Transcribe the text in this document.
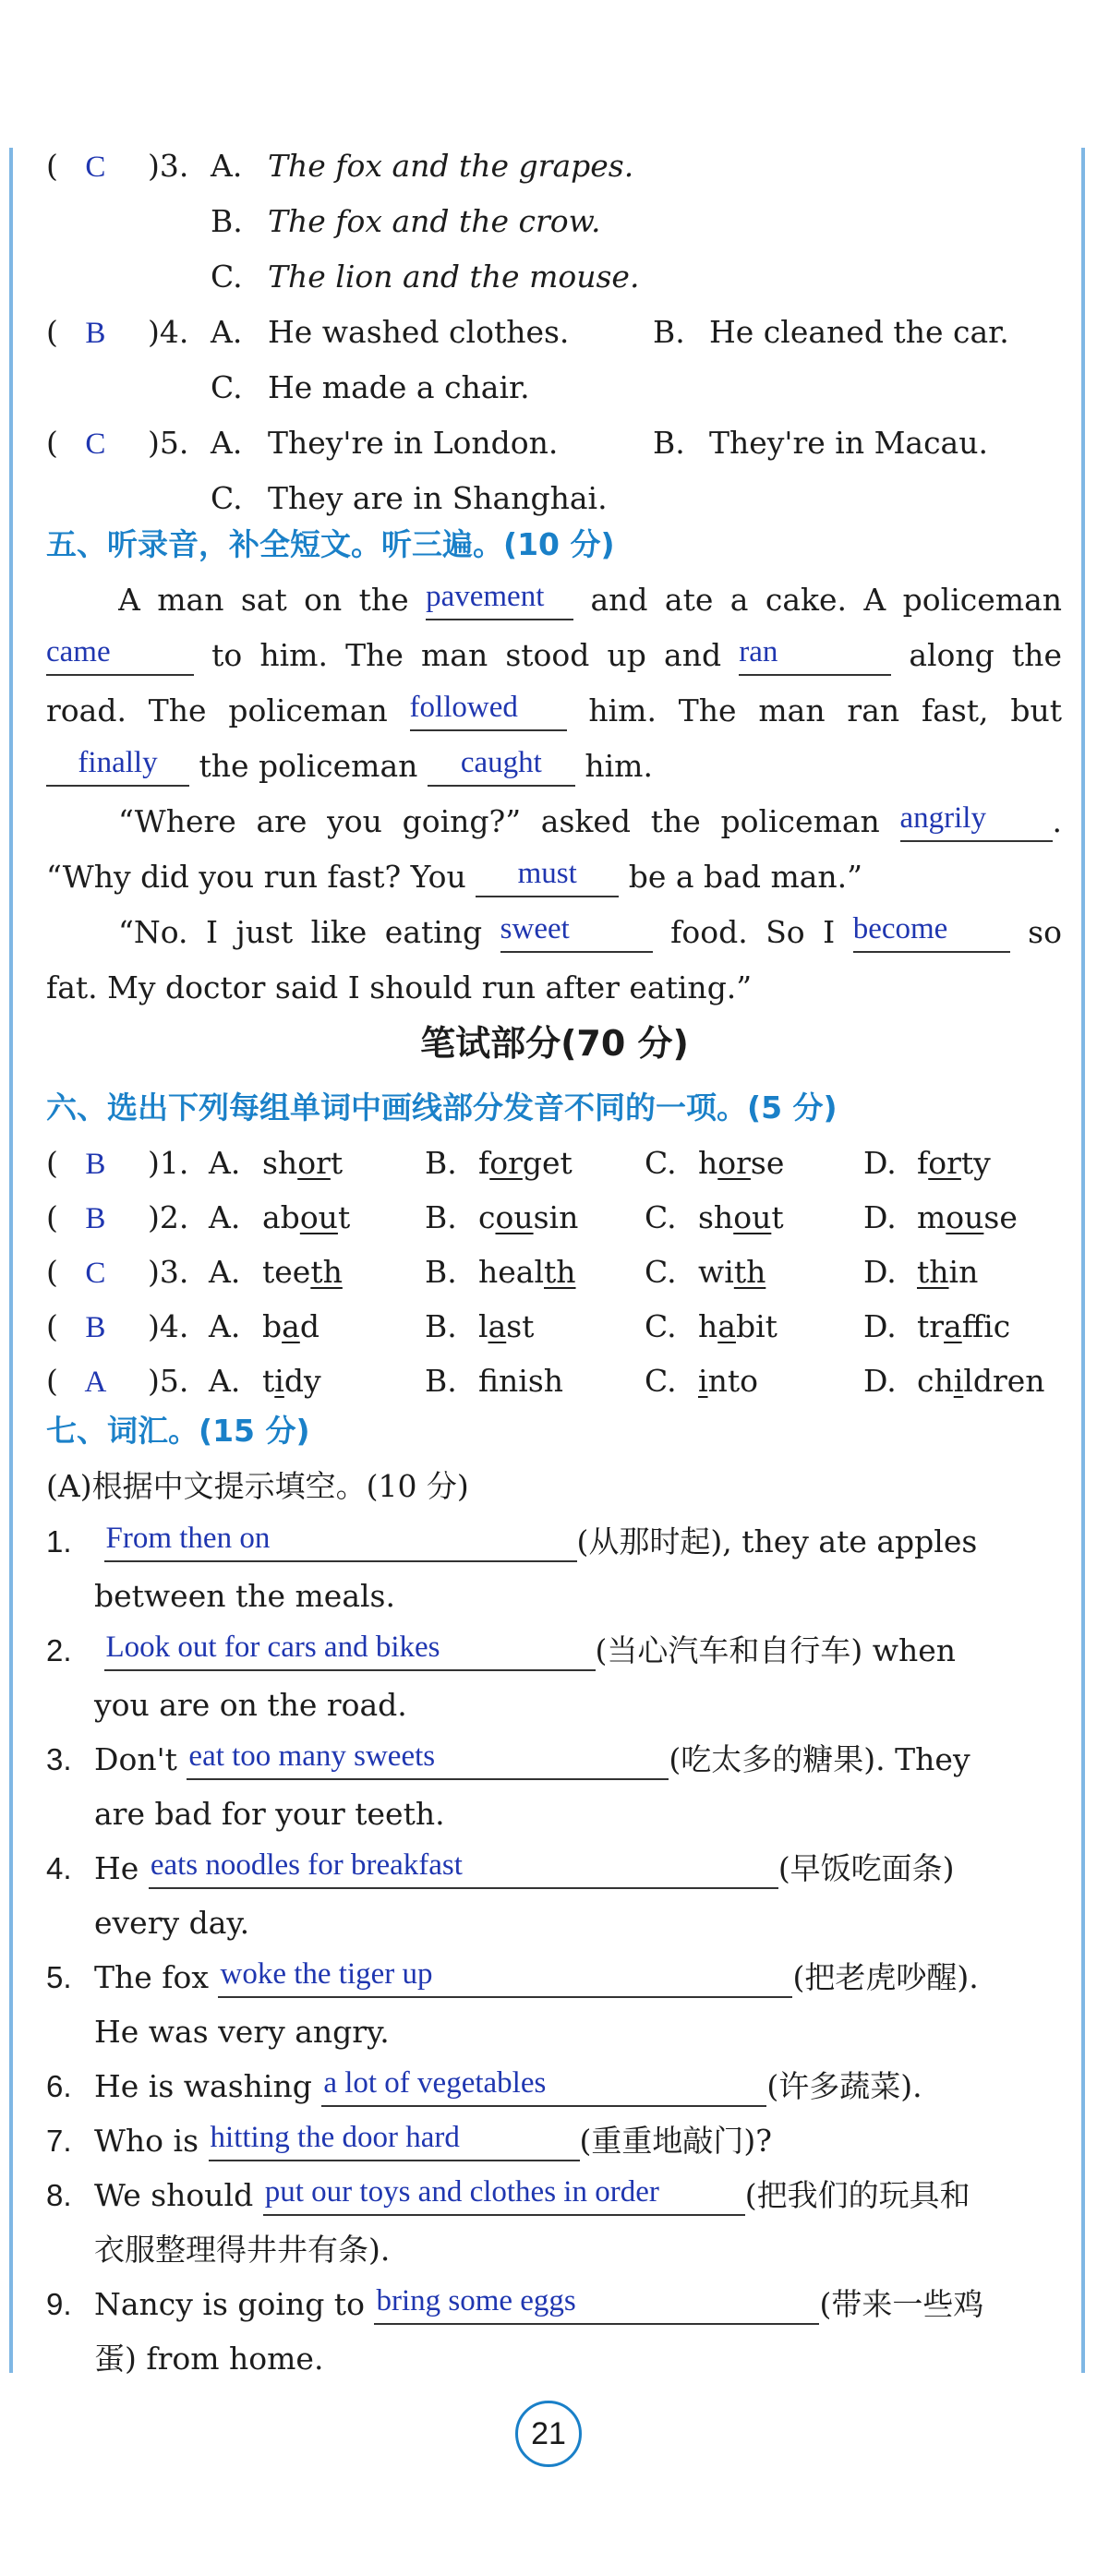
( C )3. A. The fox and the grapes.
B. The fox and the crow.
C. The lion and the mouse.
( B )4. A. He washed clothes.	B. He cleaned the car.
C. He made a chair.
( C )5. A. They're in London.	B. They're in Macau.
C. They are in Shanghai.
五、听录音，补全短文。听三遍。(10 分)
A man sat on the pavement and ate a cake. A policeman
came	to him. The man stood up and ran	along the
road. The policeman followed him. The man ran fast, but
finally the policeman caught him.
“Where are you going?” asked the policeman angrily .
“Why did you run fast? You must be a bad man.”
“No. I just like eating sweet	food. So I become	so
fat. My doctor said I should run after eating.”
笔试部分(70 分)
六、选出下列每组单词中画线部分发音不同的一项。(5 分)
( B )1. A. short	B. forget C. horse	D. forty
( B )2. A. about B. cousin C. shout	D. mouse
( C )3. A. teeth	B. health C. with	D. thin
( B )4. A. bad	B. last	C. habit	D. traffic
( A )5. A. tidy	B. fnish	C. into	D. children
七、词汇。(15 分)
(A)根据中文提示填空。(10 分)
1. From then on	(从那时起), they ate apples
between the meals.
2. Look out for cars and bikes	(当心汽车和自行车) when
you are on the road.
3. Don't eat too many sweets	(吃太多的糖果). They
are bad for your teeth.
4. He eats noodles for breakfast	(早饭吃面条)
every day.
5. The fox woke the tiger up	(把老虎吵醒).
He was very angry.
6. He is washing a lot of vegetables	(许多蔬菜).
7. Who is hitting the door hard	(重重地敲门)?
8. We should put our toys and clothes in order	(把我们的玩具和
衣服整理得井井有条).
9. Nancy is going to bring some eggs	(带来一些鸡
蛋) from home.
21
